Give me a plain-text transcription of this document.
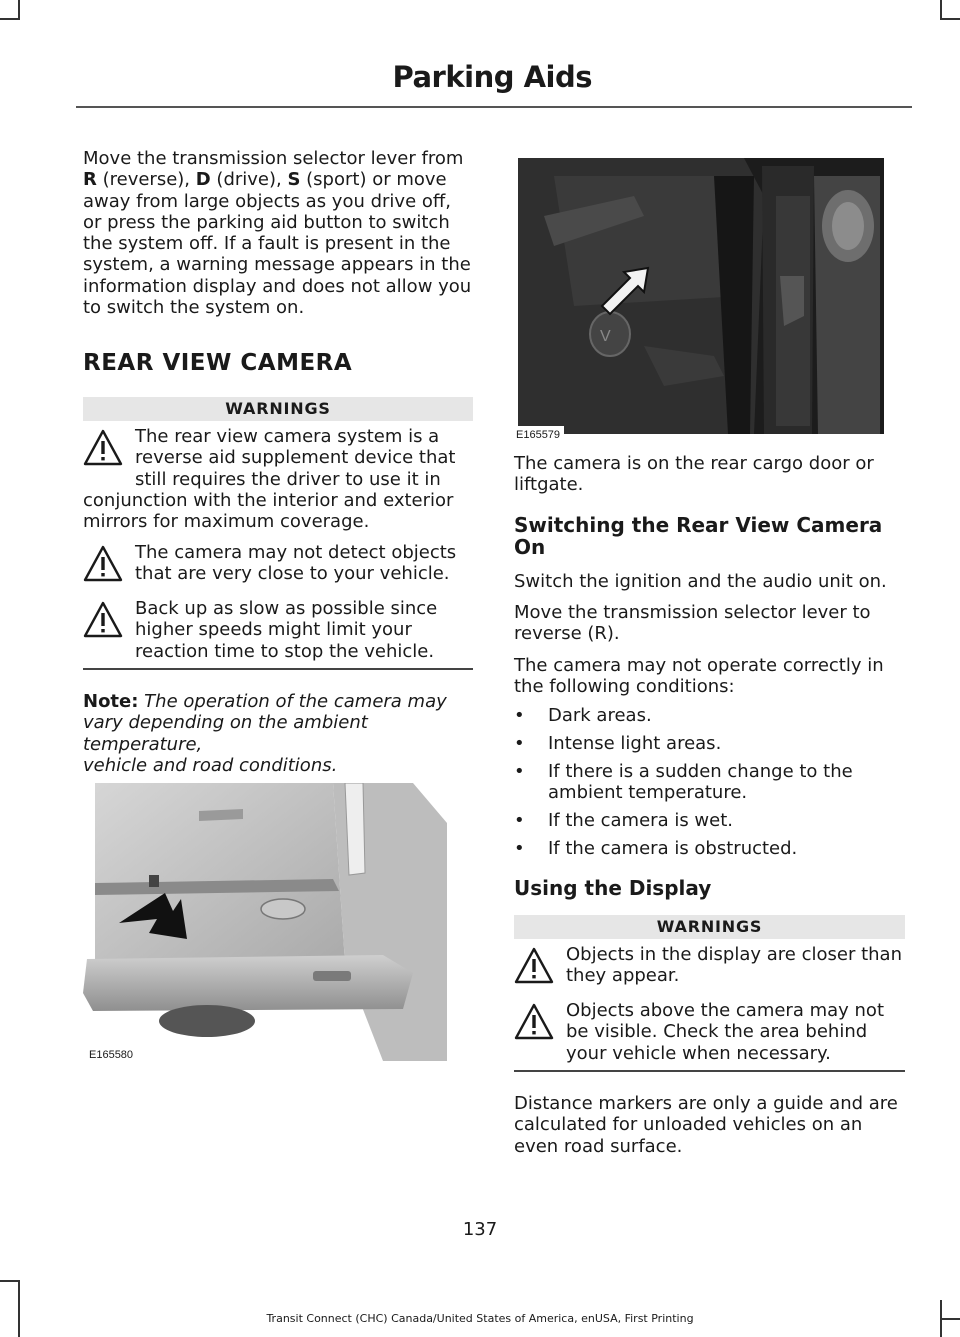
Parking Aids
Move the transmission selector lever from
R (reverse), D (drive), S (sport) or move
away from large objects as you drive off,
or press the parking aid button to switch
the system off. If a fault is present in the
system, a warning message appears in the
information display and does not allow you
to switch the system on.
REAR VIEW CAMERA
WARNINGS
The rear view camera system is a
reverse aid supplement device that
still requires the driver to use it in
conjunction with the interior and exterior
mirrors for maximum coverage.
The camera may not detect objects
that are very close to your vehicle.
Back up as slow as possible since
higher speeds might limit your
reaction time to stop the vehicle.
Note: The operation of the camera may
vary depending on the ambient temperature,
vehicle and road conditions.
E165580
V
E165579
The camera is on the rear cargo door or
liftgate.
Switching the Rear View Camera
On
Switch the ignition and the audio unit on.
Move the transmission selector lever to
reverse (R).
The camera may not operate correctly in
the following conditions:
• Dark areas.
• Intense light areas.
• If there is a sudden change to the
ambient temperature.
• If the camera is wet.
• If the camera is obstructed.
Using the Display
WARNINGS
Objects in the display are closer than
they appear.
Objects above the camera may not
be visible. Check the area behind
your vehicle when necessary.
Distance markers are only a guide and are
calculated for unloaded vehicles on an
even road surface.
137
Transit Connect (CHC) Canada/United States of America, enUSA, First Printing
